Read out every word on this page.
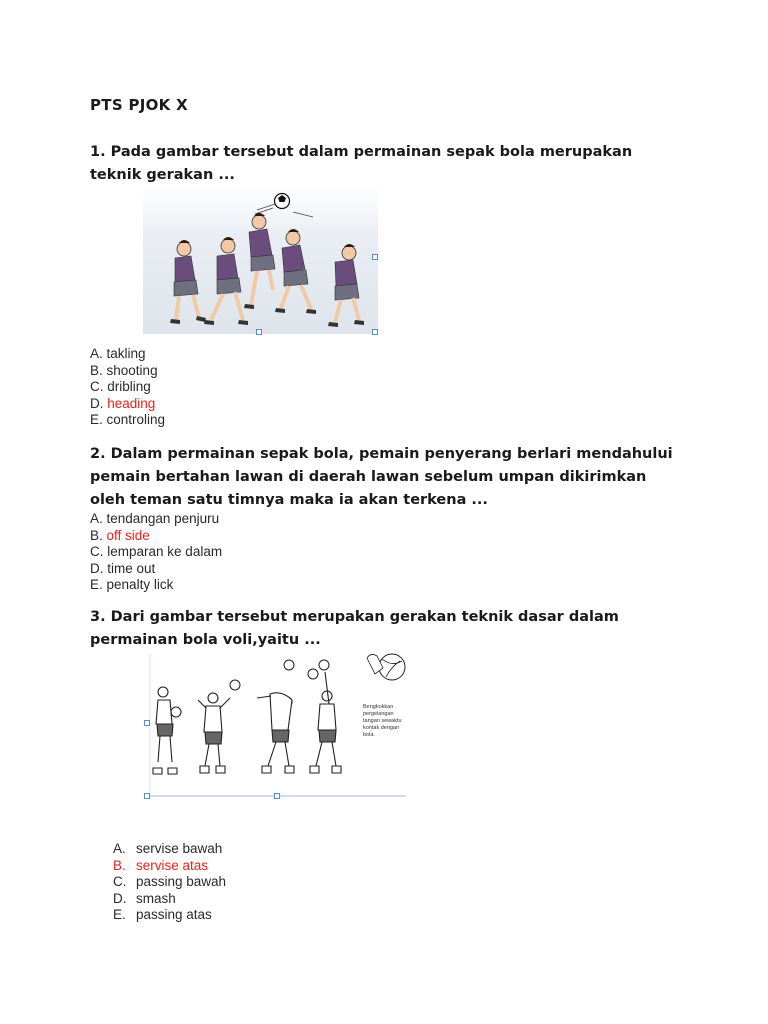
PTS PJOK X

1. Pada gambar tersebut dalam permainan sepak bola merupakan

teknik gerakan ...

A. takling
B. shooting
C. dribling
D. heading
E. controling

2. Dalam permainan sepak bola, pemain penyerang berlari mendahului

pemain bertahan lawan di daerah lawan sebelum umpan dikirimkan

oleh teman satu timnya maka ia akan terkena ...

A. tendangan penjuru
B. off side
C. lemparan ke dalam
D. time out
E. penalty lick

3. Dari gambar tersebut merupakan gerakan teknik dasar dalam

permainan bola voli,yaitu ...

Bengkokkan
pergelangan
tangan sewaktu
kontak dengan
bola.
A. servise bawah
B. servise atas
C. passing bawah
D. smash
E. passing atas
